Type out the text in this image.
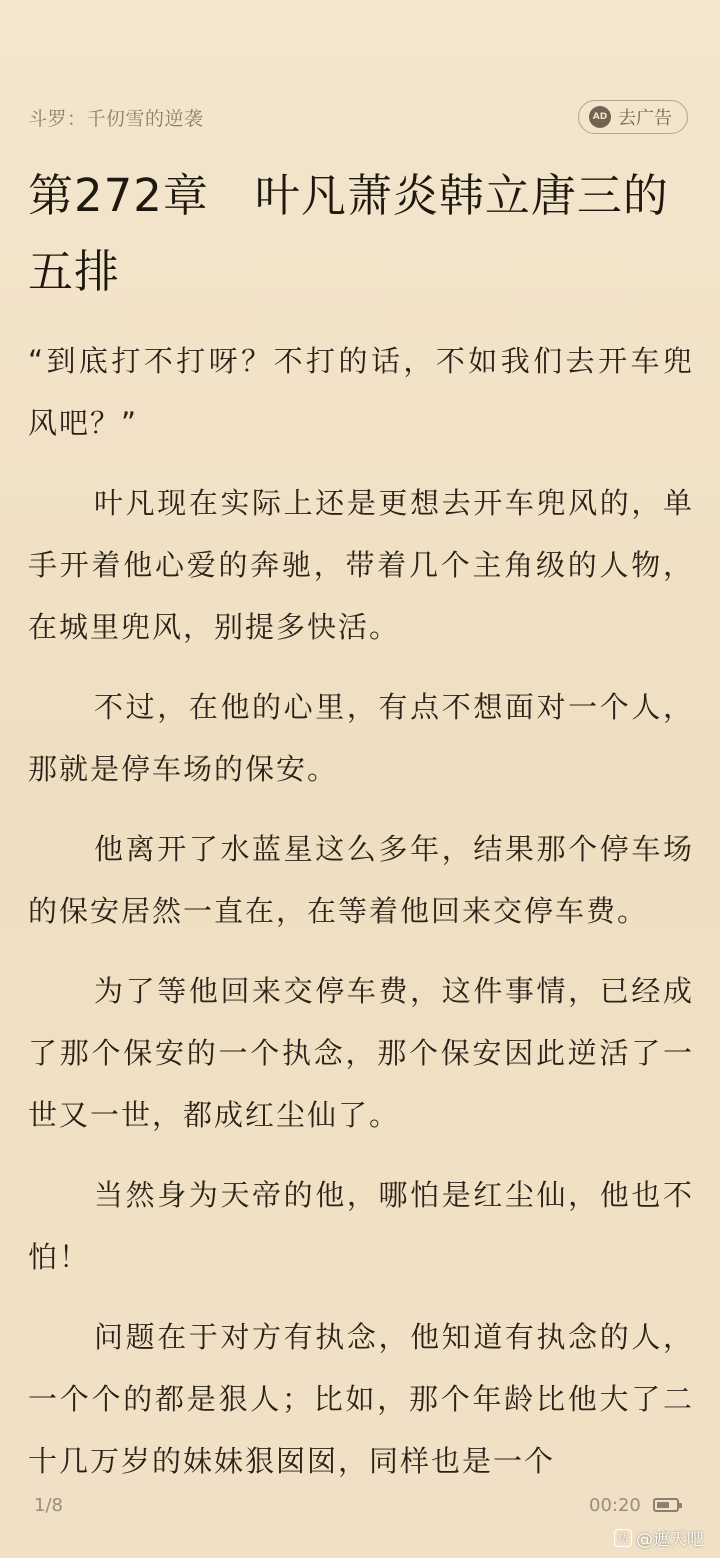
斗罗：千仞雪的逆袭	AD 去广告
第272章　叶凡萧炎韩立唐三的五排

“到底打不打呀？不打的话，不如我们去开车兜风吧？”

叶凡现在实际上还是更想去开车兜风的，单手开着他心爱的奔驰，带着几个主角级的人物，在城里兜风，别提多快活。

不过，在他的心里，有点不想面对一个人，那就是停车场的保安。

他离开了水蓝星这么多年，结果那个停车场的保安居然一直在，在等着他回来交停车费。

为了等他回来交停车费，这件事情，已经成了那个保安的一个执念，那个保安因此逆活了一世又一世，都成红尘仙了。

当然身为天帝的他，哪怕是红尘仙，他也不怕！

问题在于对方有执念，他知道有执念的人，一个个的都是狠人；比如，那个年龄比他大了二十几万岁的妹妹狠囡囡，同样也是一个

1/8	00:20
贴 @遮天吧
